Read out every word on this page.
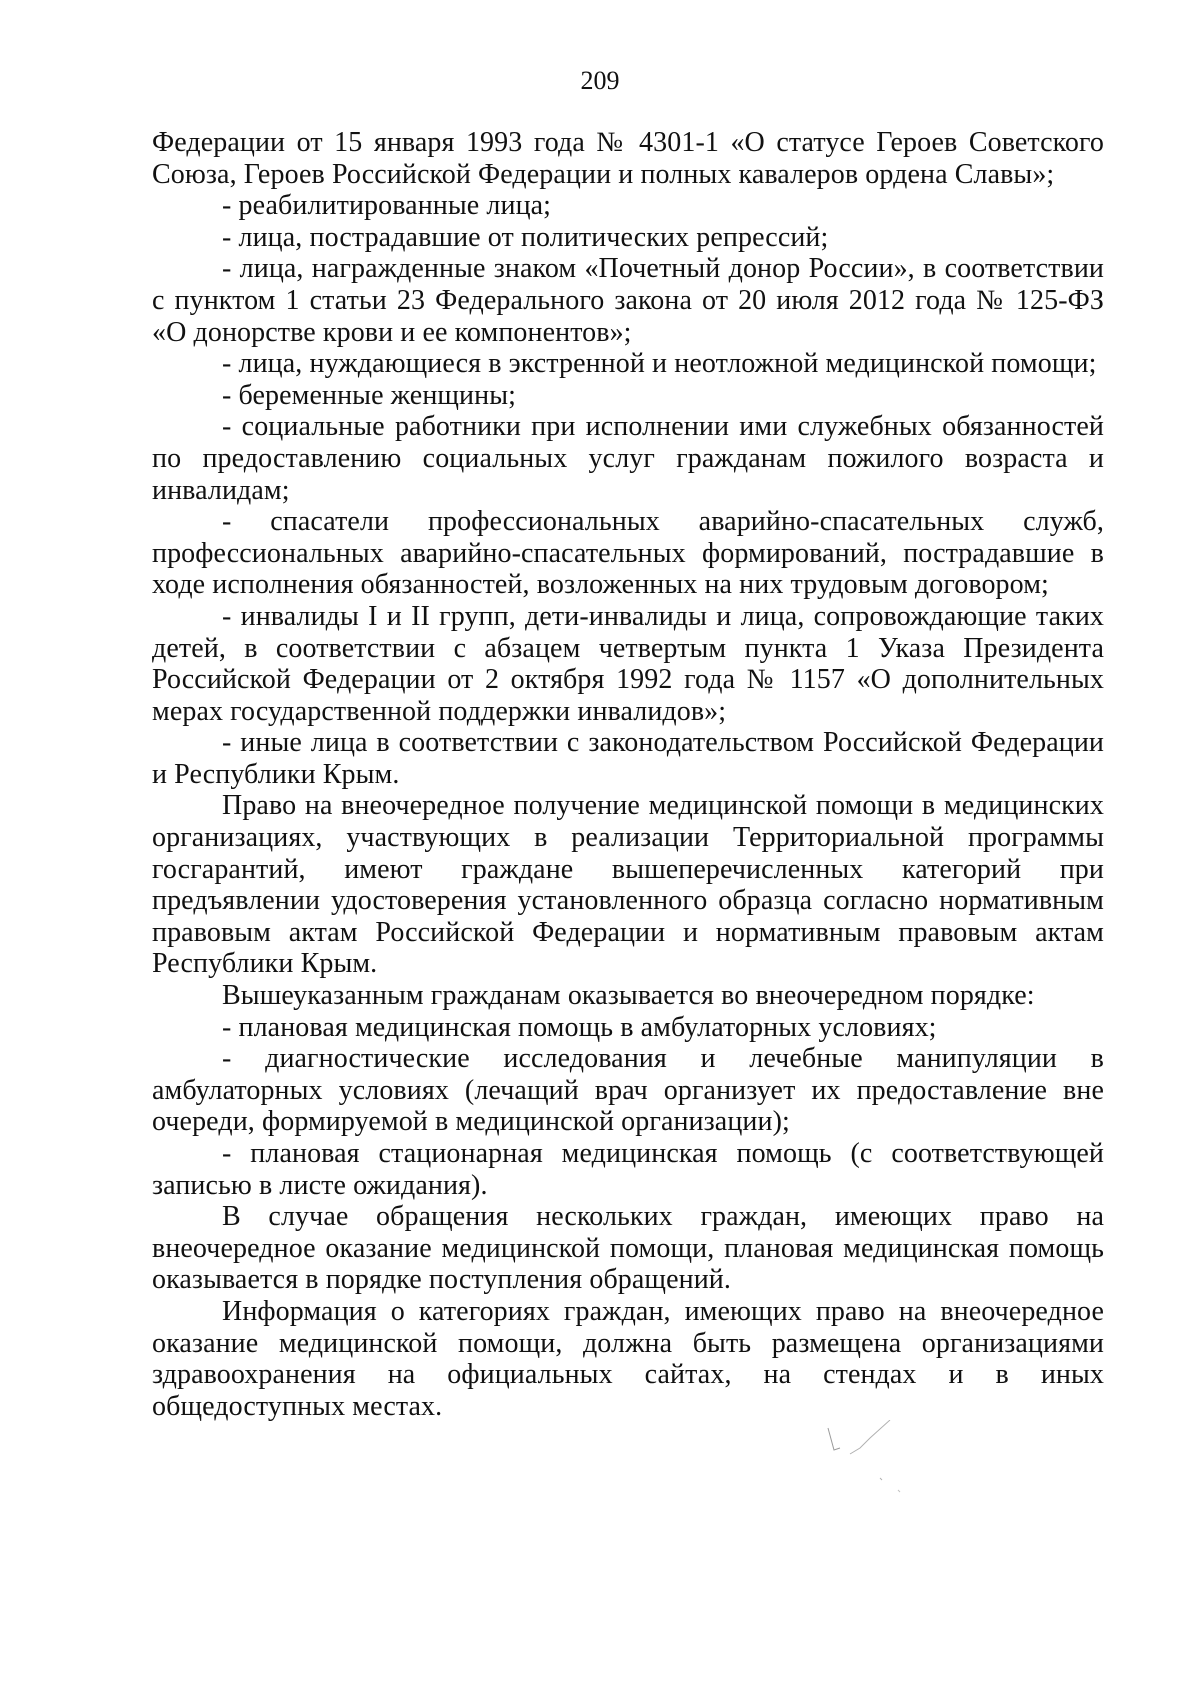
209

Федерации от 15 января 1993 года № 4301-1 «О статусе Героев Советского Союза, Героев Российской Федерации и полных кавалеров ордена Славы»;

- реабилитированные лица;

- лица, пострадавшие от политических репрессий;

- лица, награжденные знаком «Почетный донор России», в соответствии с пунктом 1 статьи 23 Федерального закона от 20 июля 2012 года № 125-ФЗ «О донорстве крови и ее компонентов»;

- лица, нуждающиеся в экстренной и неотложной медицинской помощи;

- беременные женщины;

- социальные работники при исполнении ими служебных обязанностей по предоставлению социальных услуг гражданам пожилого возраста и инвалидам;

- спасатели профессиональных аварийно-спасательных служб, профессиональных аварийно-спасательных формирований, пострадавшие в ходе исполнения обязанностей, возложенных на них трудовым договором;

- инвалиды I и II групп, дети-инвалиды и лица, сопровождающие таких детей, в соответствии с абзацем четвертым пункта 1 Указа Президента Российской Федерации от 2 октября 1992 года № 1157 «О дополнительных мерах государственной поддержки инвалидов»;

- иные лица в соответствии с законодательством Российской Федерации и Республики Крым.

Право на внеочередное получение медицинской помощи в медицинских организациях, участвующих в реализации Территориальной программы госгарантий, имеют граждане вышеперечисленных категорий при предъявлении удостоверения установленного образца согласно нормативным правовым актам Российской Федерации и нормативным правовым актам Республики Крым.

Вышеуказанным гражданам оказывается во внеочередном порядке:

- плановая медицинская помощь в амбулаторных условиях;

- диагностические исследования и лечебные манипуляции в амбулаторных условиях (лечащий врач организует их предоставление вне очереди, формируемой в медицинской организации);

- плановая стационарная медицинская помощь (с соответствующей записью в листе ожидания).

В случае обращения нескольких граждан, имеющих право на внеочередное оказание медицинской помощи, плановая медицинская помощь оказывается в порядке поступления обращений.

Информация о категориях граждан, имеющих право на внеочередное оказание медицинской помощи, должна быть размещена организациями здравоохранения на официальных сайтах, на стендах и в иных общедоступных местах.
